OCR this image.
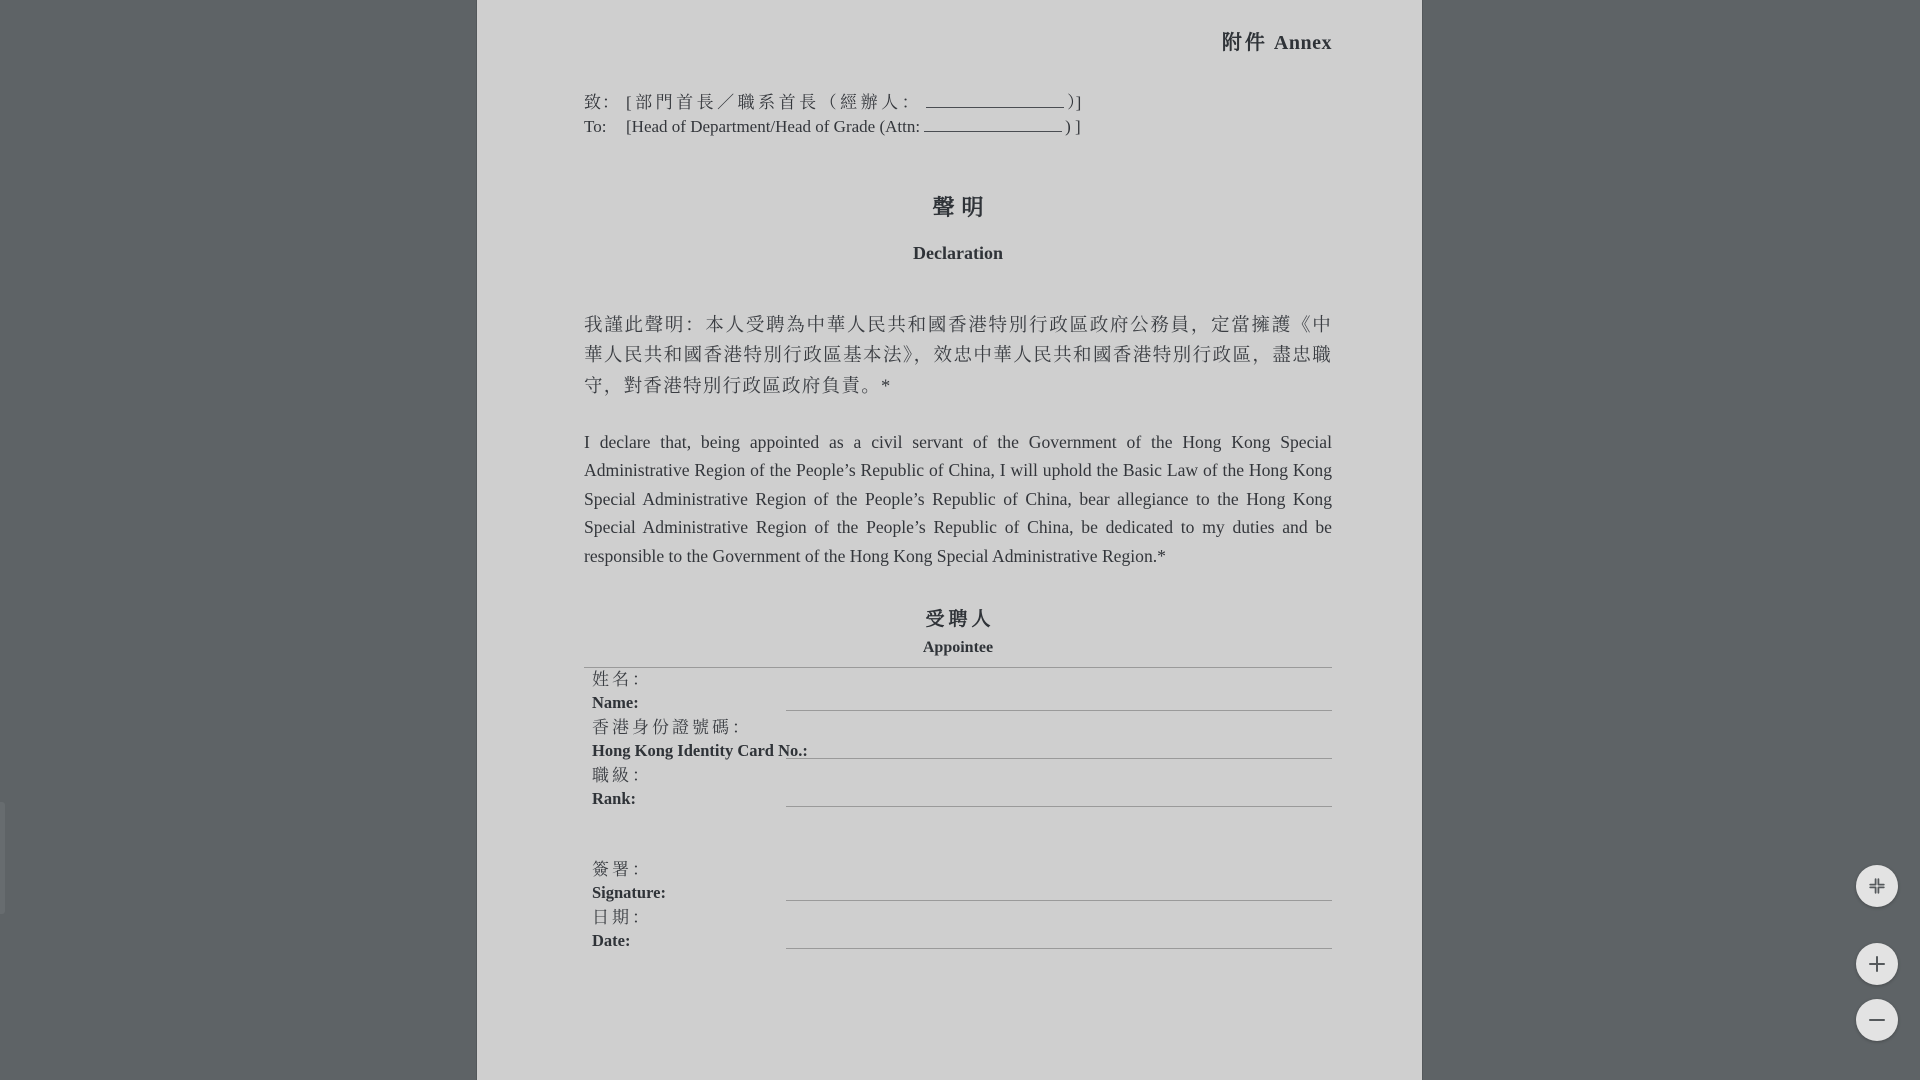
附件 Annex
致： [部門首長／職系首長 （經辦人：	）]
To:	[Head of Department/Head of Grade (Attn:	) ]
聲明
Declaration
我謹此聲明：本人受聘為中華人民共和國香港特別行政區政府公務員，定當擁護《中華人民共和國香港特別行政區基本法》，效忠中華人民共和國香港特別行政區，盡忠職守，對香港特別行政區政府負責。*
I declare that, being appointed as a civil servant of the Government of the Hong Kong Special Administrative Region of the People’s Republic of China, I will uphold the Basic Law of the Hong Kong Special Administrative Region of the People’s Republic of China, bear allegiance to the Hong Kong Special Administrative Region of the People’s Republic of China, be dedicated to my duties and be responsible to the Government of the Hong Kong Special Administrative Region.*
受聘人
Appointee
姓名：
Name:
香港身份證號碼：
Hong Kong Identity Card No.:
職級：
Rank:
簽署：
Signature:
日期：
Date:
